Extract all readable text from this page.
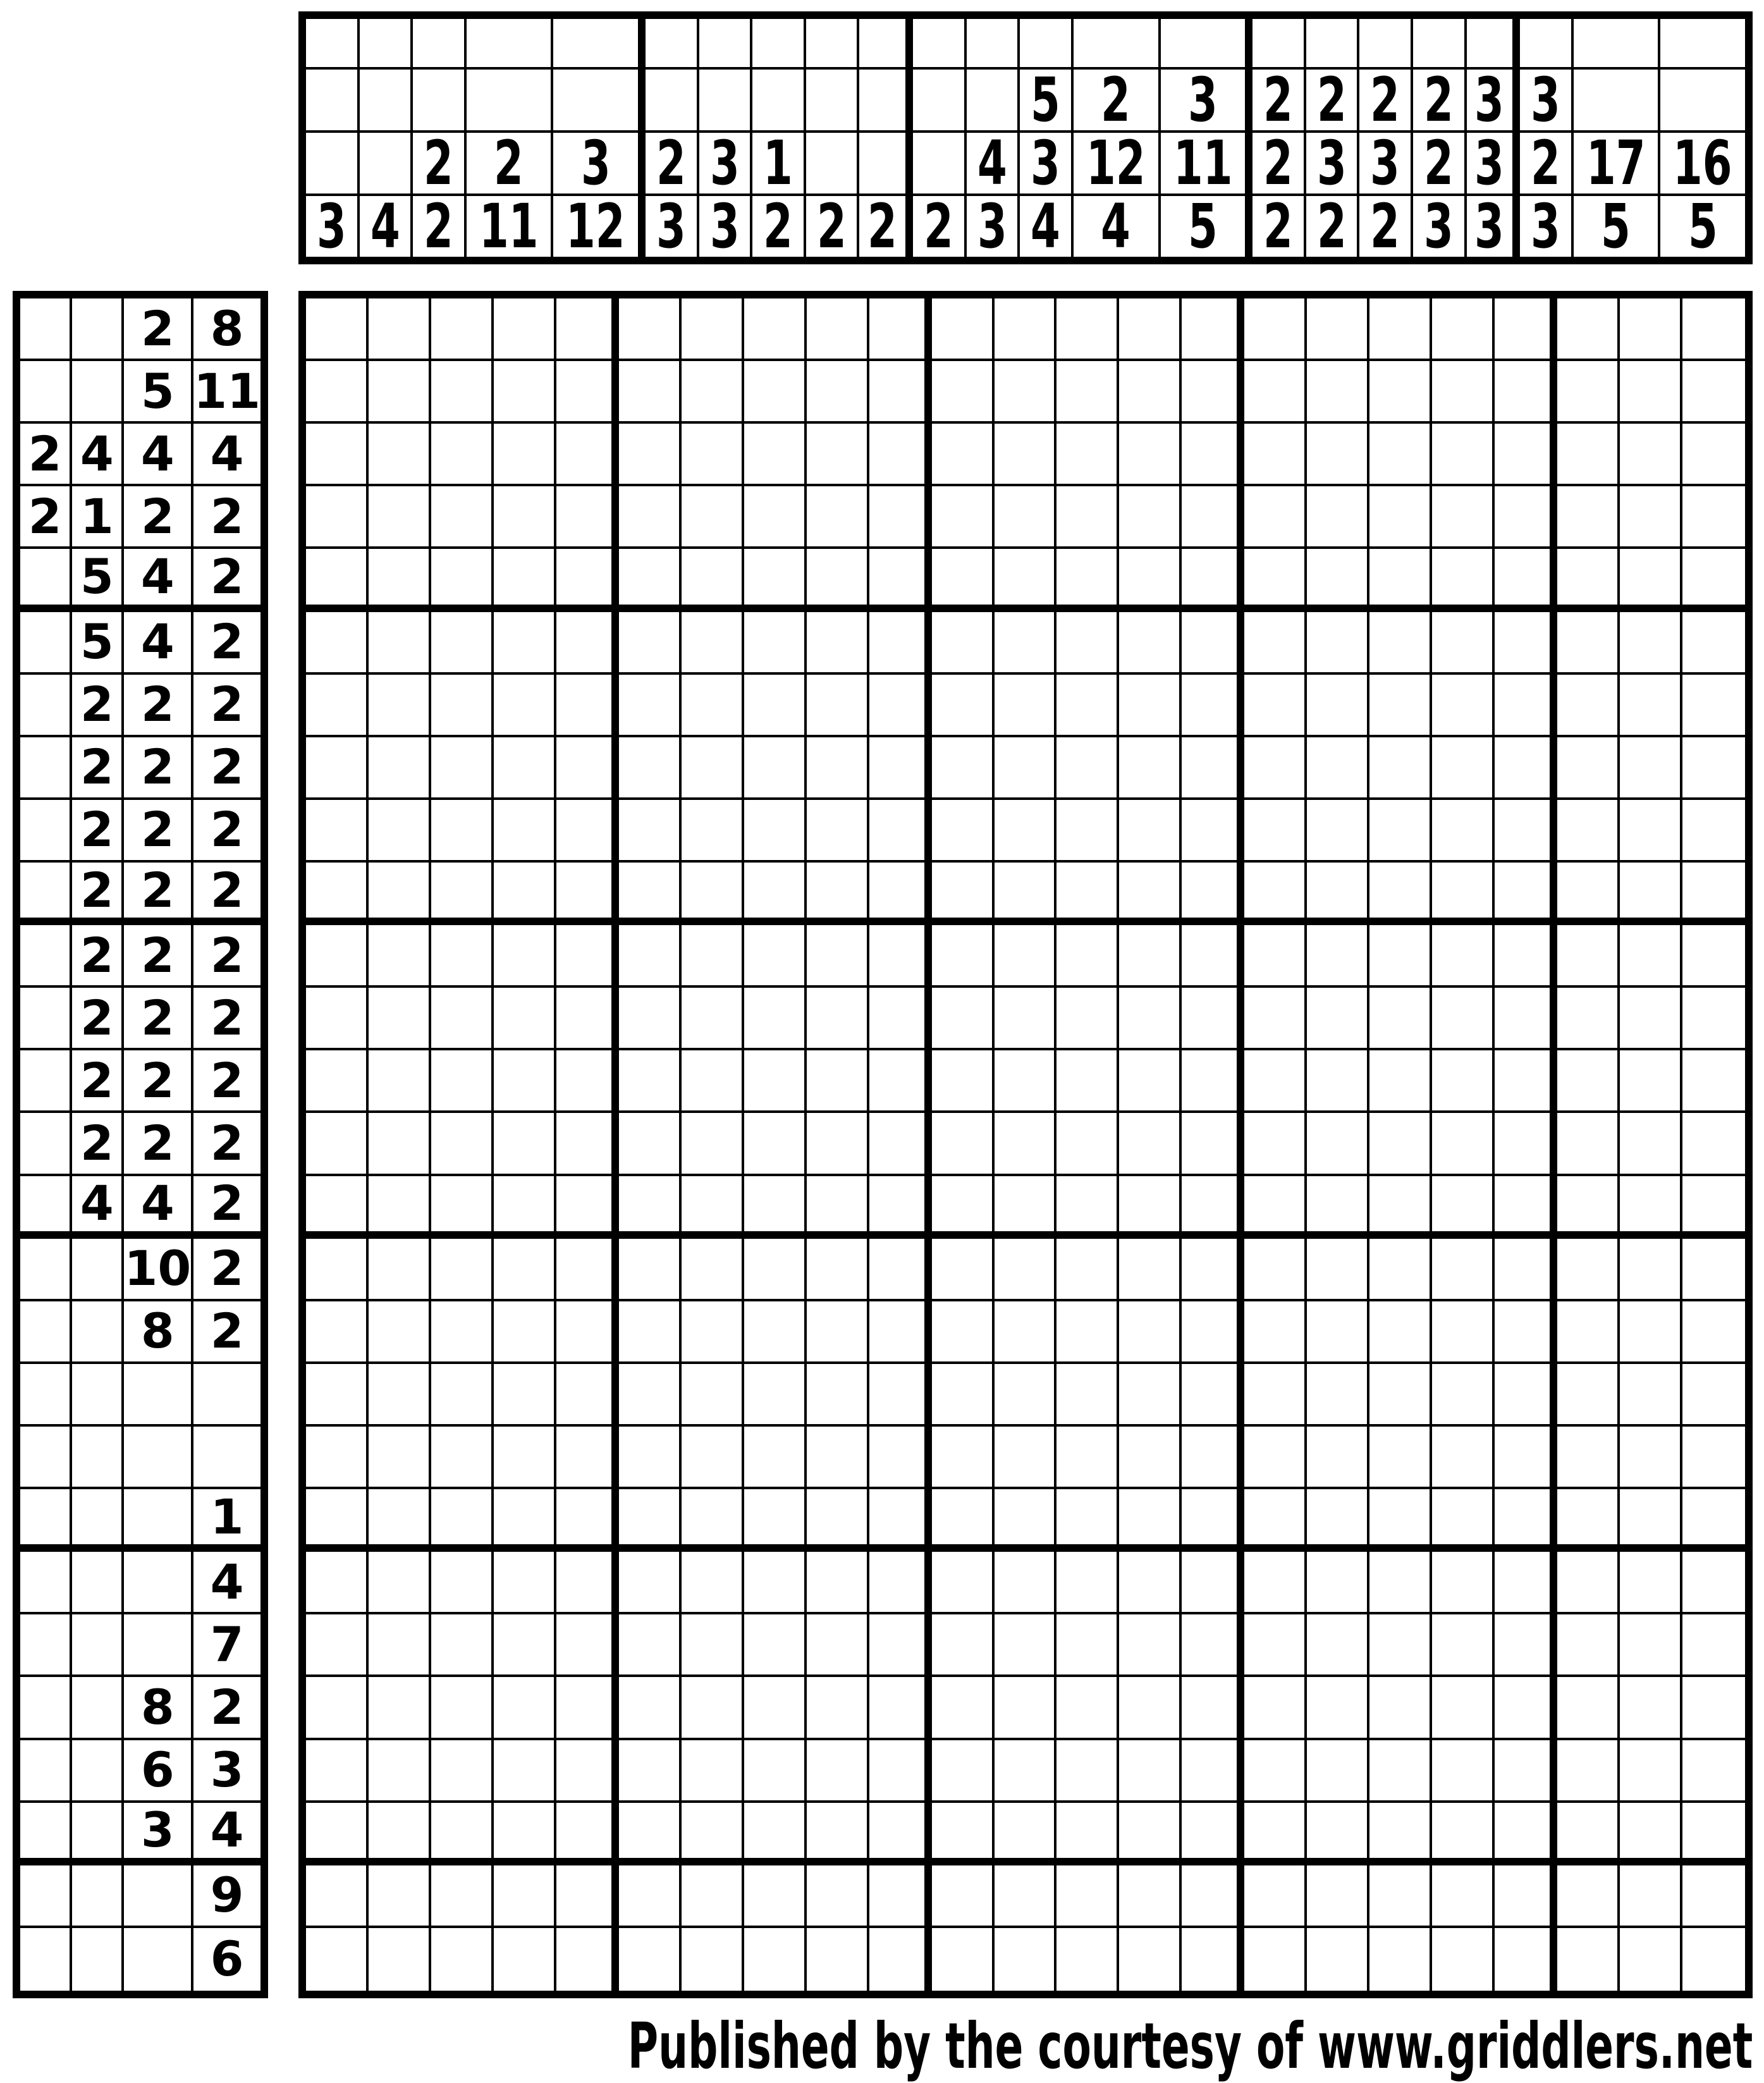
5 2 3 2 2 2 2 3 3
2 2 3 2 3 1	4 3 12 11 2 3 3 2 3 2 17 16
3 4 2 11 12 3 3 2 2 2 2 3 4 4 5 2 2 2 3 3 3 5 5
2 8
5 11
2 4 4 4
2 1 2 2
5 4 2
5 4 2
2 2 2
2 2 2
2 2 2
2 2 2
2 2 2
2 2 2
2 2 2
2 2 2
4 4 2
10 2
8 2
1
4
7
8 2
6 3
3 4
9
6
Published by the courtesy of www.griddlers.net
